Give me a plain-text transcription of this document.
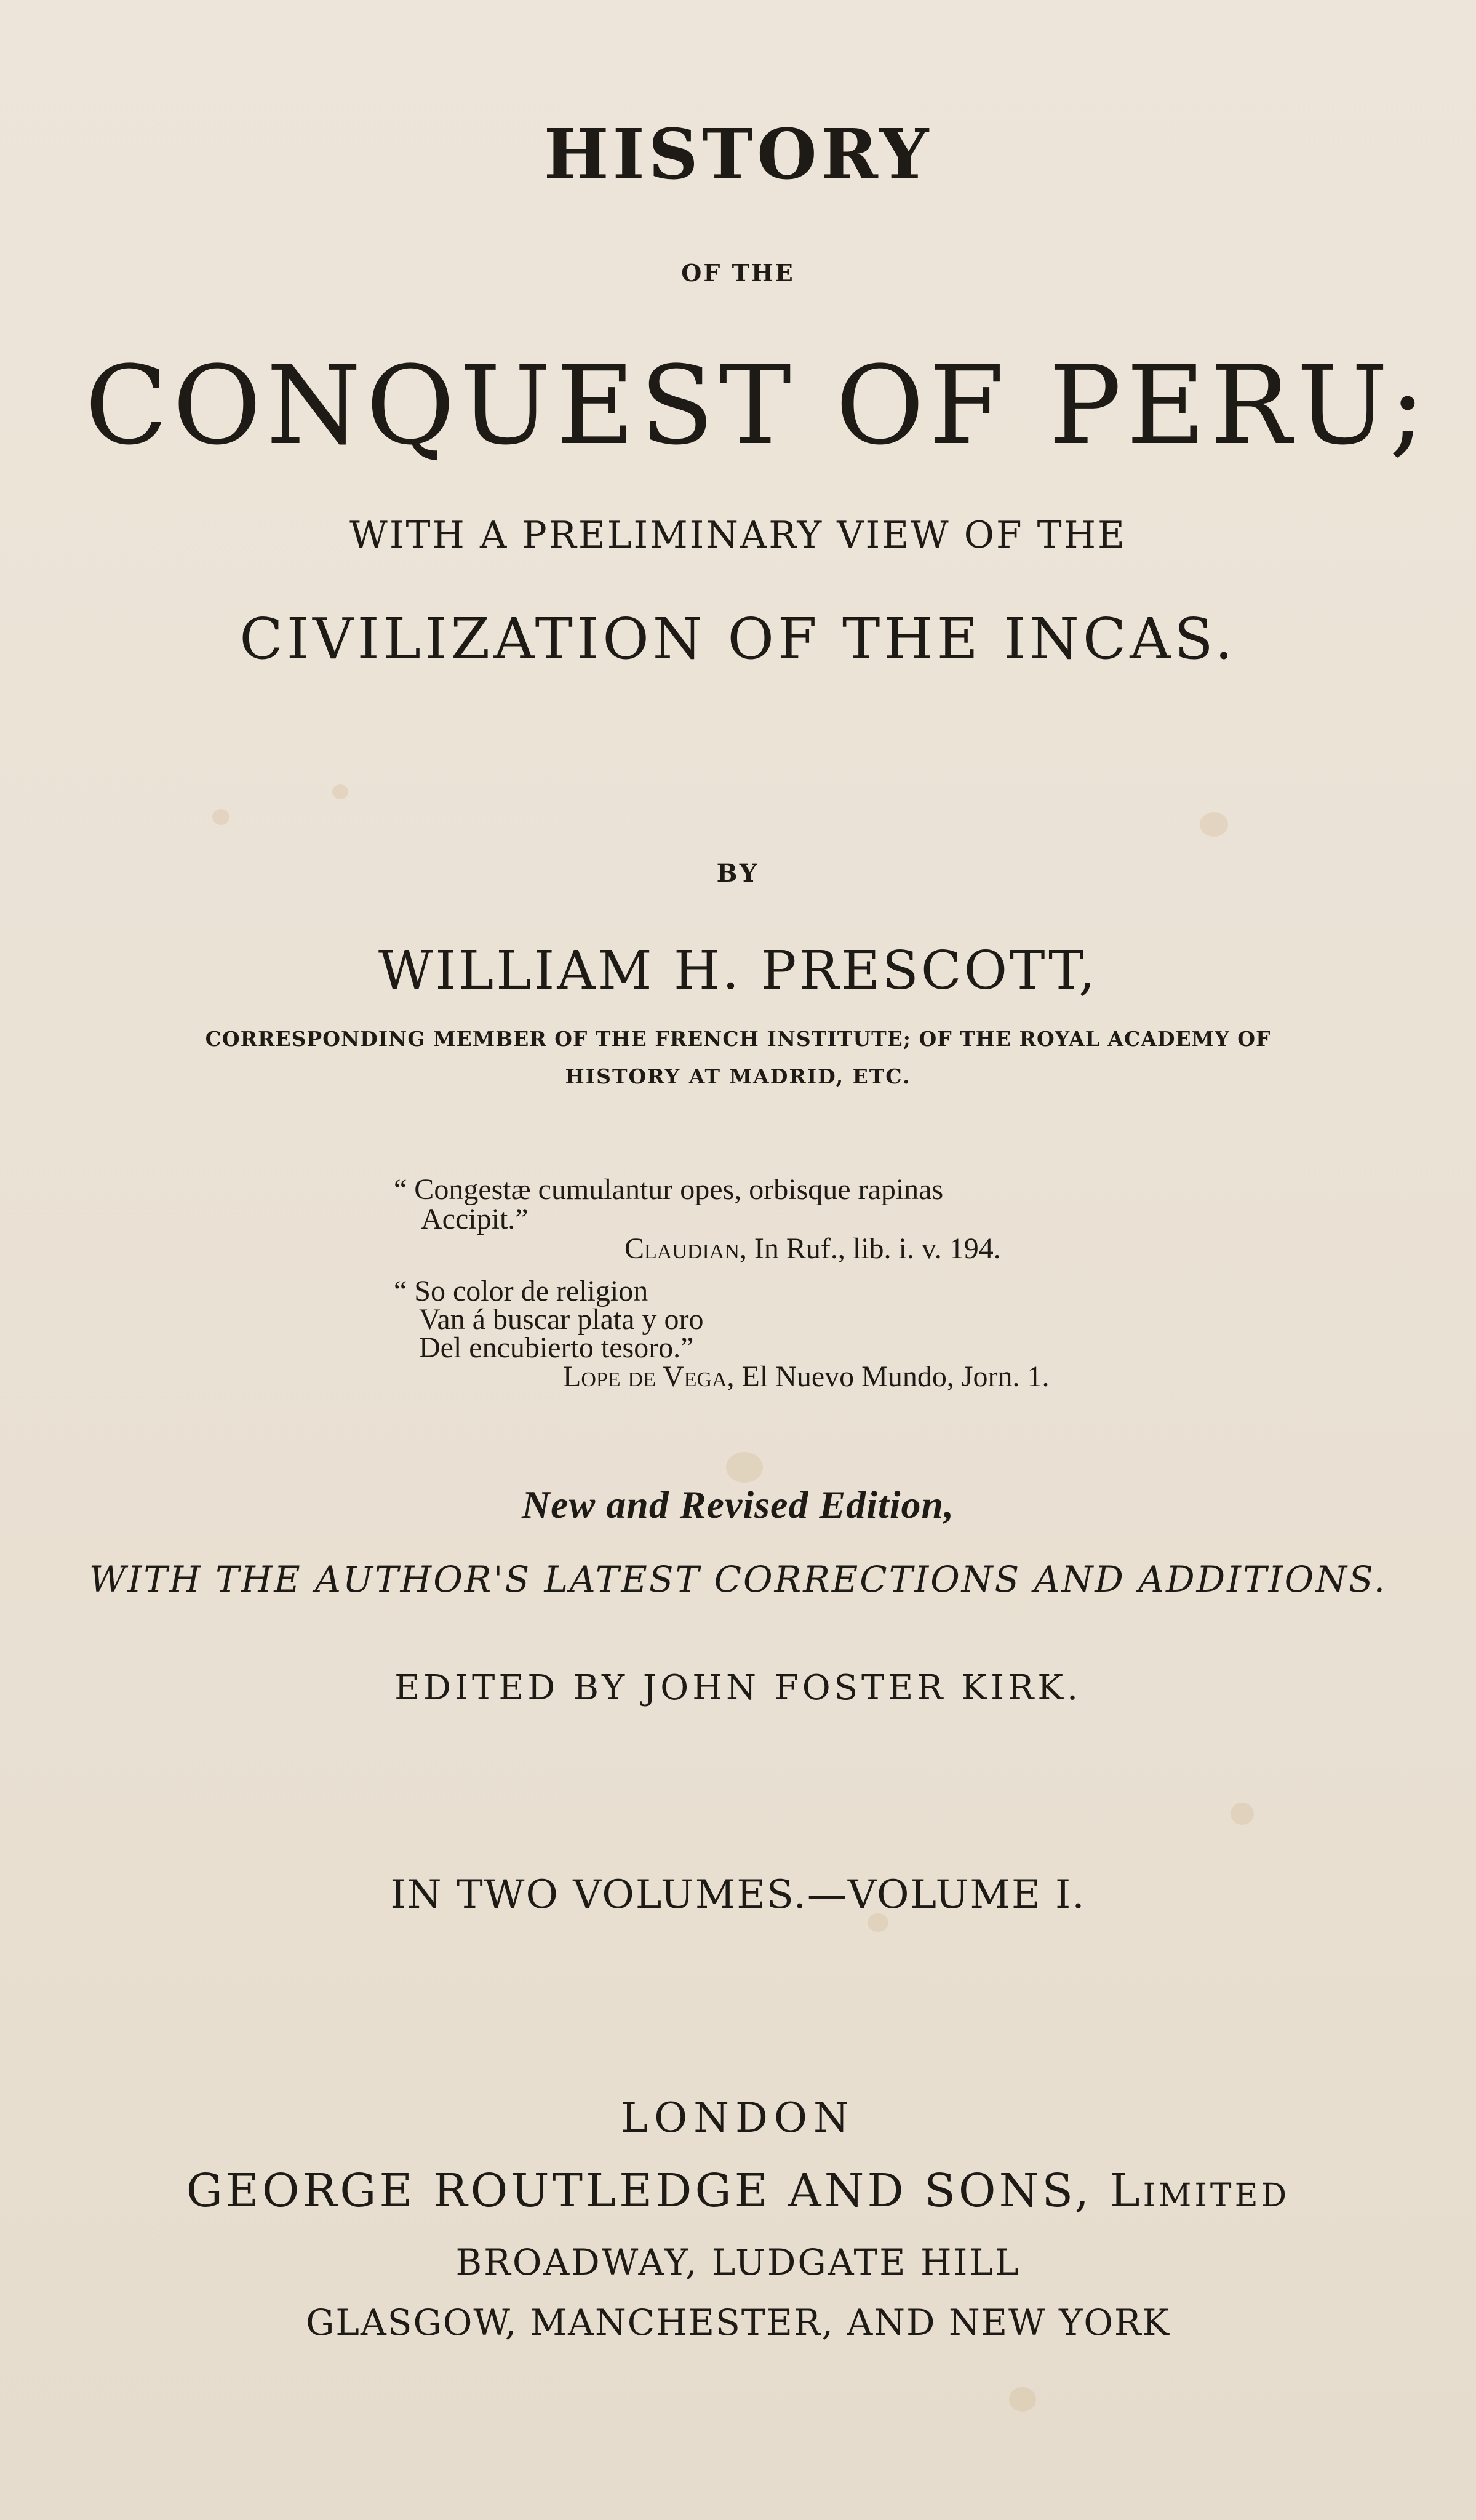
HISTORY
OF THE
CONQUEST OF PERU;
WITH A PRELIMINARY VIEW OF THE
CIVILIZATION OF THE INCAS.
BY
WILLIAM H. PRESCOTT,
CORRESPONDING MEMBER OF THE FRENCH INSTITUTE; OF THE ROYAL ACADEMY OF
HISTORY AT MADRID, ETC.
“ Congestæ cumulantur opes, orbisque rapinas
Accipit.”
Claudian, In Ruf., lib. i. v. 194.
“ So color de religion
Van á buscar plata y oro
Del encubierto tesoro.”
Lope de Vega, El Nuevo Mundo, Jorn. 1.
New and Revised Edition,
WITH THE AUTHOR'S LATEST CORRECTIONS AND ADDITIONS.
EDITED BY JOHN FOSTER KIRK.
IN TWO VOLUMES.—VOLUME I.
LONDON
GEORGE ROUTLEDGE AND SONS, Limited
BROADWAY, LUDGATE HILL
GLASGOW, MANCHESTER, AND NEW YORK
